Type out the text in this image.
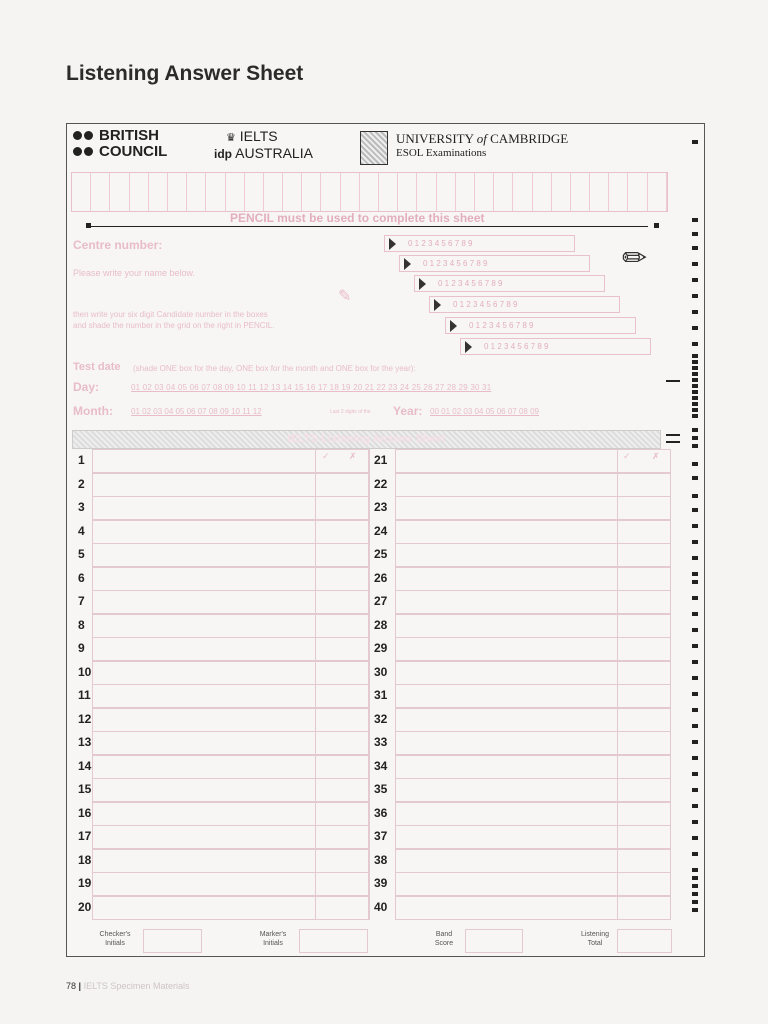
Listening Answer Sheet
BRITISH
COUNCIL
♛ IELTS
idp AUSTRALIA
UNIVERSITY of CAMBRIDGE
ESOL Examinations
PENCIL must be used to complete this sheet
Centre number:
Please write your name below.
then write your six digit Candidate number in the boxes
and shade the number in the grid on the right in PENCIL.
✎
0 1 2 3 4 5 6 7 8 9
0 1 2 3 4 5 6 7 8 9
0 1 2 3 4 5 6 7 8 9
0 1 2 3 4 5 6 7 8 9
0 1 2 3 4 5 6 7 8 9
0 1 2 3 4 5 6 7 8 9
✏
Test date (shade ONE box for the day, ONE box for the month and ONE box for the year):
Day:	01 02 03 04 05 06 07 08 09 10 11 12 13 14 15 16 17 18 19 20 21 22 23 24 25 26 27 28 29 30 31
Month: 01 02 03 04 05 06 07 08 09 10 11 12	Last 2 digits of the Year: 00 01 02 03 04 05 06 07 08 09
IELTS Listening Answer Sheet
1	21
2	22
3	23
4	24
5	25
6	26
7	27
8	28
9	29
10	30
11	31
12	32
13	33
14	34
15	35
16	36
17	37
18	38
19	39
20	40
✓ ✗	✓ ✗
Checker's
Initials
Marker's
Initials
Band
Score
Listening
Total
78 | IELTS Specimen Materials
